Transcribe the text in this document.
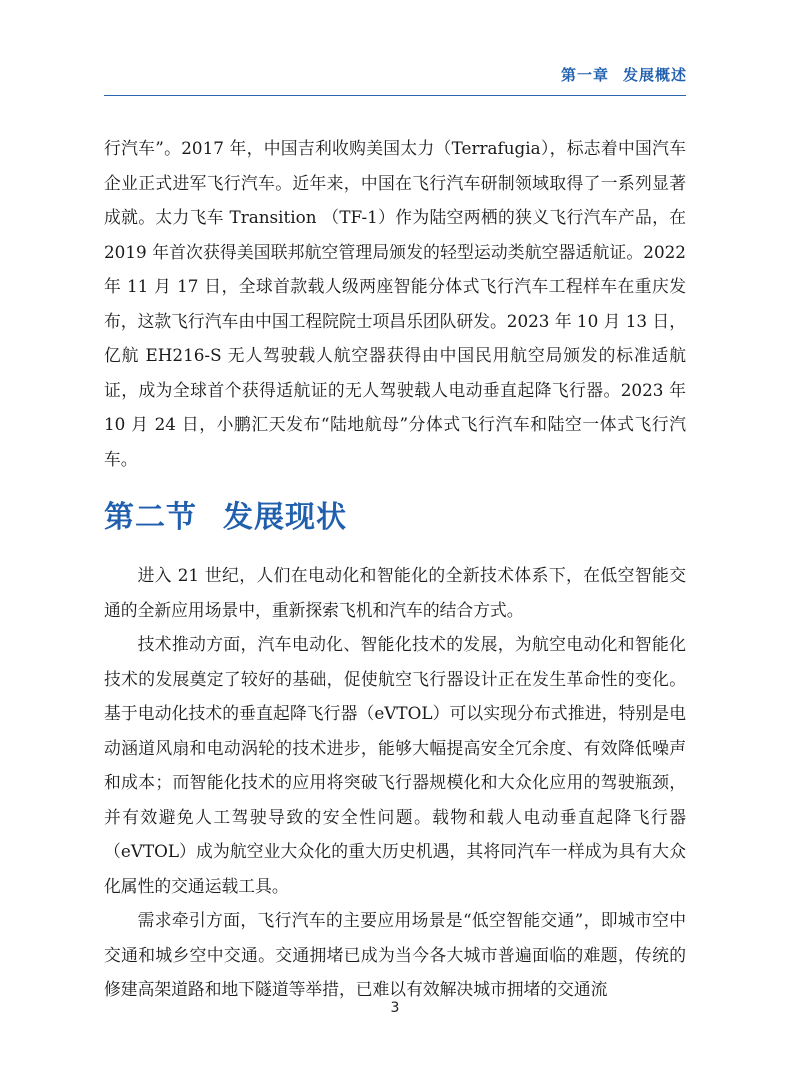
第一章 发展概述

行汽车”。2017 年，中国吉利收购美国太力（Terrafugia），标志着中国汽车企业正式进军飞行汽车。近年来，中国在飞行汽车研制领域取得了一系列显著成就。太力飞车 Transition （TF-1）作为陆空两栖的狭义飞行汽车产品，在 2019 年首次获得美国联邦航空管理局颁发的轻型运动类航空器适航证。2022 年 11 月 17 日，全球首款载人级两座智能分体式飞行汽车工程样车在重庆发布，这款飞行汽车由中国工程院院士项昌乐团队研发。2023 年 10 月 13 日，亿航 EH216-S 无人驾驶载人航空器获得由中国民用航空局颁发的标准适航证，成为全球首个获得适航证的无人驾驶载人电动垂直起降飞行器。2023 年 10 月 24 日，小鹏汇天发布“陆地航母”分体式飞行汽车和陆空一体式飞行汽车。

第二节 发展现状

进入 21 世纪，人们在电动化和智能化的全新技术体系下，在低空智能交通的全新应用场景中，重新探索飞机和汽车的结合方式。

技术推动方面，汽车电动化、智能化技术的发展，为航空电动化和智能化技术的发展奠定了较好的基础，促使航空飞行器设计正在发生革命性的变化。基于电动化技术的垂直起降飞行器（eVTOL）可以实现分布式推进，特别是电动涵道风扇和电动涡轮的技术进步，能够大幅提高安全冗余度、有效降低噪声和成本；而智能化技术的应用将突破飞行器规模化和大众化应用的驾驶瓶颈，并有效避免人工驾驶导致的安全性问题。载物和载人电动垂直起降飞行器（eVTOL）成为航空业大众化的重大历史机遇，其将同汽车一样成为具有大众化属性的交通运载工具。

需求牵引方面，飞行汽车的主要应用场景是“低空智能交通”，即城市空中交通和城乡空中交通。交通拥堵已成为当今各大城市普遍面临的难题，传统的修建高架道路和地下隧道等举措，已难以有效解决城市拥堵的交通流

3
